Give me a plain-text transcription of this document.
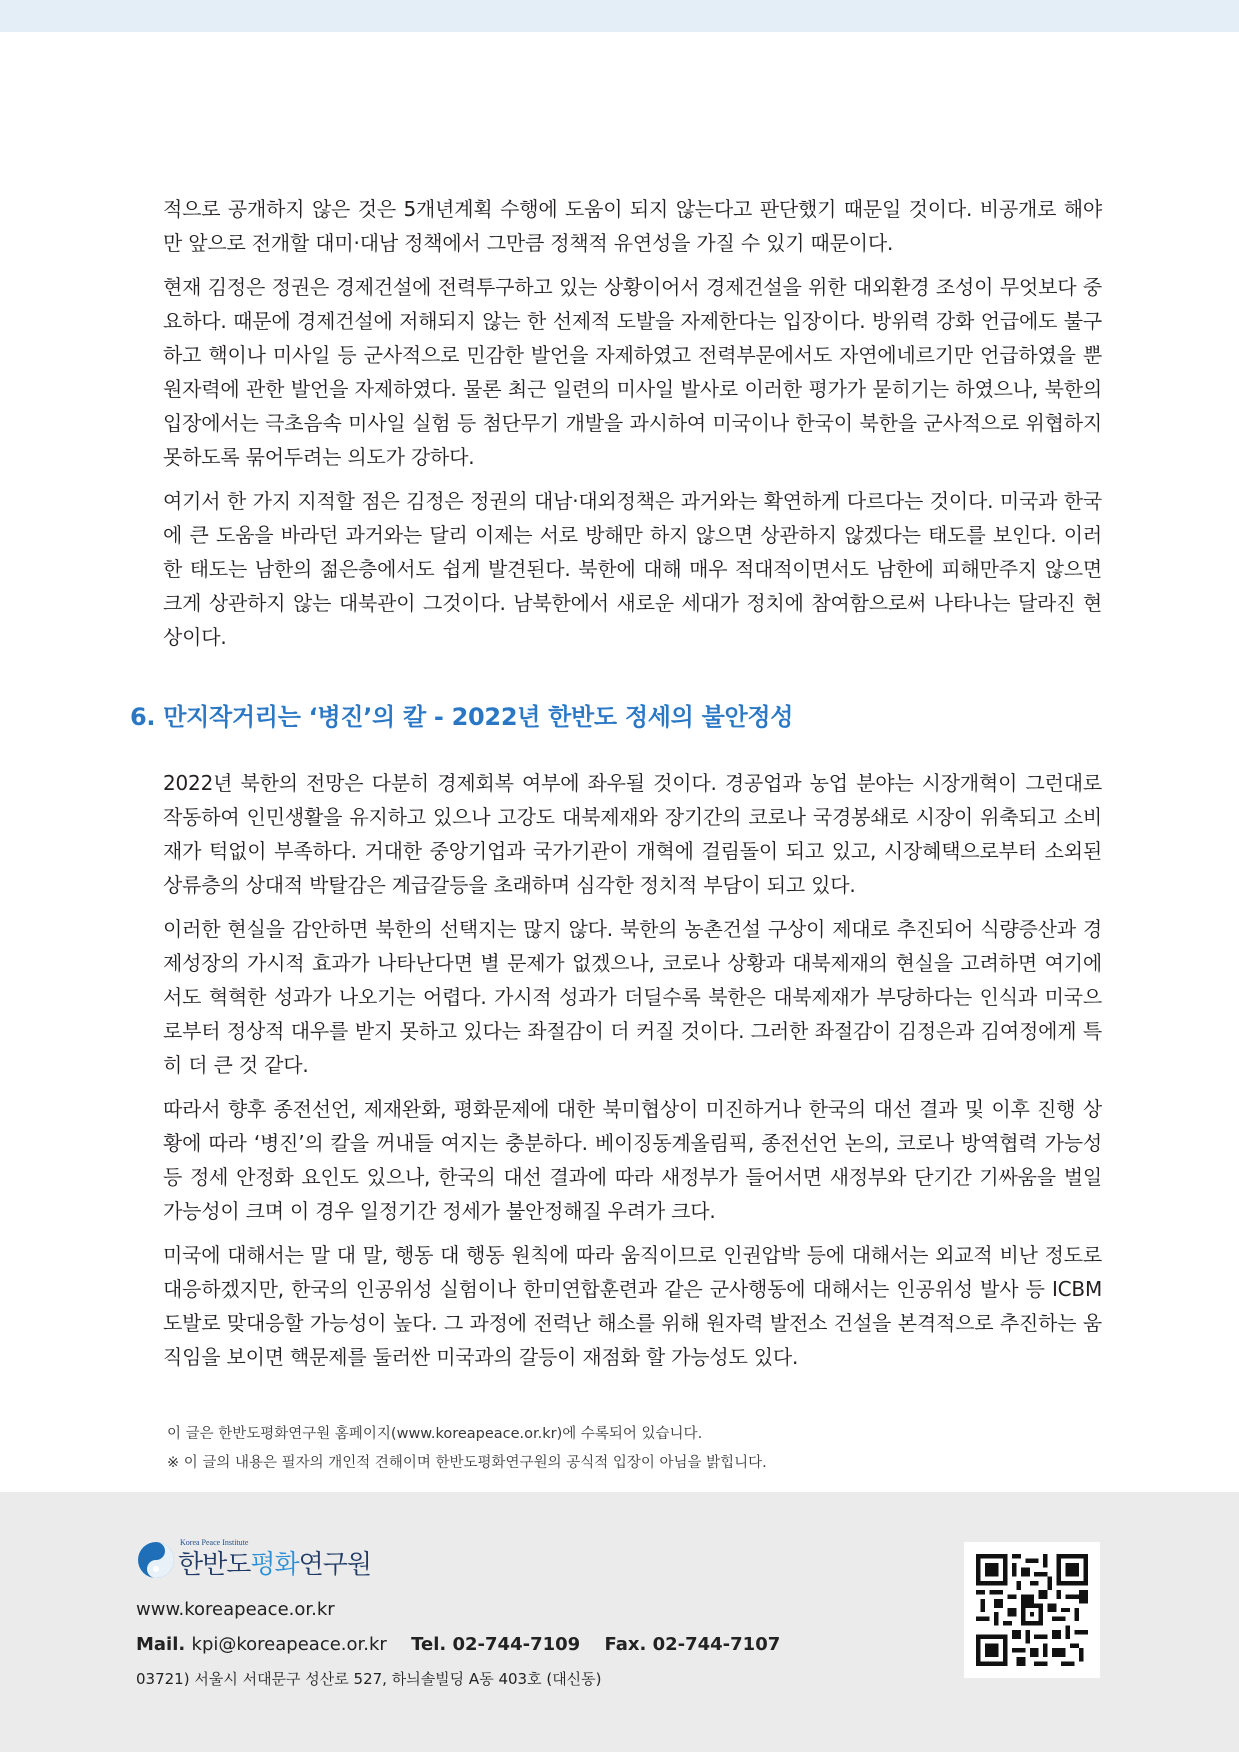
적으로 공개하지 않은 것은 5개년계획 수행에 도움이 되지 않는다고 판단했기 때문일 것이다. 비공개로 해야만 앞으로 전개할 대미·대남 정책에서 그만큼 정책적 유연성을 가질 수 있기 때문이다.

현재 김정은 정권은 경제건설에 전력투구하고 있는 상황이어서 경제건설을 위한 대외환경 조성이 무엇보다 중요하다. 때문에 경제건설에 저해되지 않는 한 선제적 도발을 자제한다는 입장이다. 방위력 강화 언급에도 불구하고 핵이나 미사일 등 군사적으로 민감한 발언을 자제하였고 전력부문에서도 자연에네르기만 언급하였을 뿐 원자력에 관한 발언을 자제하였다. 물론 최근 일련의 미사일 발사로 이러한 평가가 묻히기는 하였으나, 북한의 입장에서는 극초음속 미사일 실험 등 첨단무기 개발을 과시하여 미국이나 한국이 북한을 군사적으로 위협하지 못하도록 묶어두려는 의도가 강하다.

여기서 한 가지 지적할 점은 김정은 정권의 대남·대외정책은 과거와는 확연하게 다르다는 것이다. 미국과 한국에 큰 도움을 바라던 과거와는 달리 이제는 서로 방해만 하지 않으면 상관하지 않겠다는 태도를 보인다. 이러한 태도는 남한의 젊은층에서도 쉽게 발견된다. 북한에 대해 매우 적대적이면서도 남한에 피해만주지 않으면 크게 상관하지 않는 대북관이 그것이다. 남북한에서 새로운 세대가 정치에 참여함으로써 나타나는 달라진 현상이다.

6. 만지작거리는 ‘병진’의 칼 - 2022년 한반도 정세의 불안정성

2022년 북한의 전망은 다분히 경제회복 여부에 좌우될 것이다. 경공업과 농업 분야는 시장개혁이 그런대로 작동하여 인민생활을 유지하고 있으나 고강도 대북제재와 장기간의 코로나 국경봉쇄로 시장이 위축되고 소비재가 턱없이 부족하다. 거대한 중앙기업과 국가기관이 개혁에 걸림돌이 되고 있고, 시장혜택으로부터 소외된 상류층의 상대적 박탈감은 계급갈등을 초래하며 심각한 정치적 부담이 되고 있다.

이러한 현실을 감안하면 북한의 선택지는 많지 않다. 북한의 농촌건설 구상이 제대로 추진되어 식량증산과 경제성장의 가시적 효과가 나타난다면 별 문제가 없겠으나, 코로나 상황과 대북제재의 현실을 고려하면 여기에서도 혁혁한 성과가 나오기는 어렵다. 가시적 성과가 더딜수록 북한은 대북제재가 부당하다는 인식과 미국으로부터 정상적 대우를 받지 못하고 있다는 좌절감이 더 커질 것이다. 그러한 좌절감이 김정은과 김여정에게 특히 더 큰 것 같다.

따라서 향후 종전선언, 제재완화, 평화문제에 대한 북미협상이 미진하거나 한국의 대선 결과 및 이후 진행 상황에 따라 ‘병진’의 칼을 꺼내들 여지는 충분하다. 베이징동계올림픽, 종전선언 논의, 코로나 방역협력 가능성 등 정세 안정화 요인도 있으나, 한국의 대선 결과에 따라 새정부가 들어서면 새정부와 단기간 기싸움을 벌일 가능성이 크며 이 경우 일정기간 정세가 불안정해질 우려가 크다.

미국에 대해서는 말 대 말, 행동 대 행동 원칙에 따라 움직이므로 인권압박 등에 대해서는 외교적 비난 정도로 대응하겠지만, 한국의 인공위성 실험이나 한미연합훈련과 같은 군사행동에 대해서는 인공위성 발사 등 ICBM 도발로 맞대응할 가능성이 높다. 그 과정에 전력난 해소를 위해 원자력 발전소 건설을 본격적으로 추진하는 움직임을 보이면 핵문제를 둘러싼 미국과의 갈등이 재점화 할 가능성도 있다.

이 글은 한반도평화연구원 홈페이지(www.koreapeace.or.kr)에 수록되어 있습니다.
※ 이 글의 내용은 필자의 개인적 견해이며 한반도평화연구원의 공식적 입장이 아님을 밝힙니다.
Korea Peace Institute
한반도평화연구원
www.koreapeace.or.kr
Mail. kpi@koreapeace.or.kr Tel. 02-744-7109 Fax. 02-744-7107
03721) 서울시 서대문구 성산로 527, 하늬솔빌딩 A동 403호 (대신동)
